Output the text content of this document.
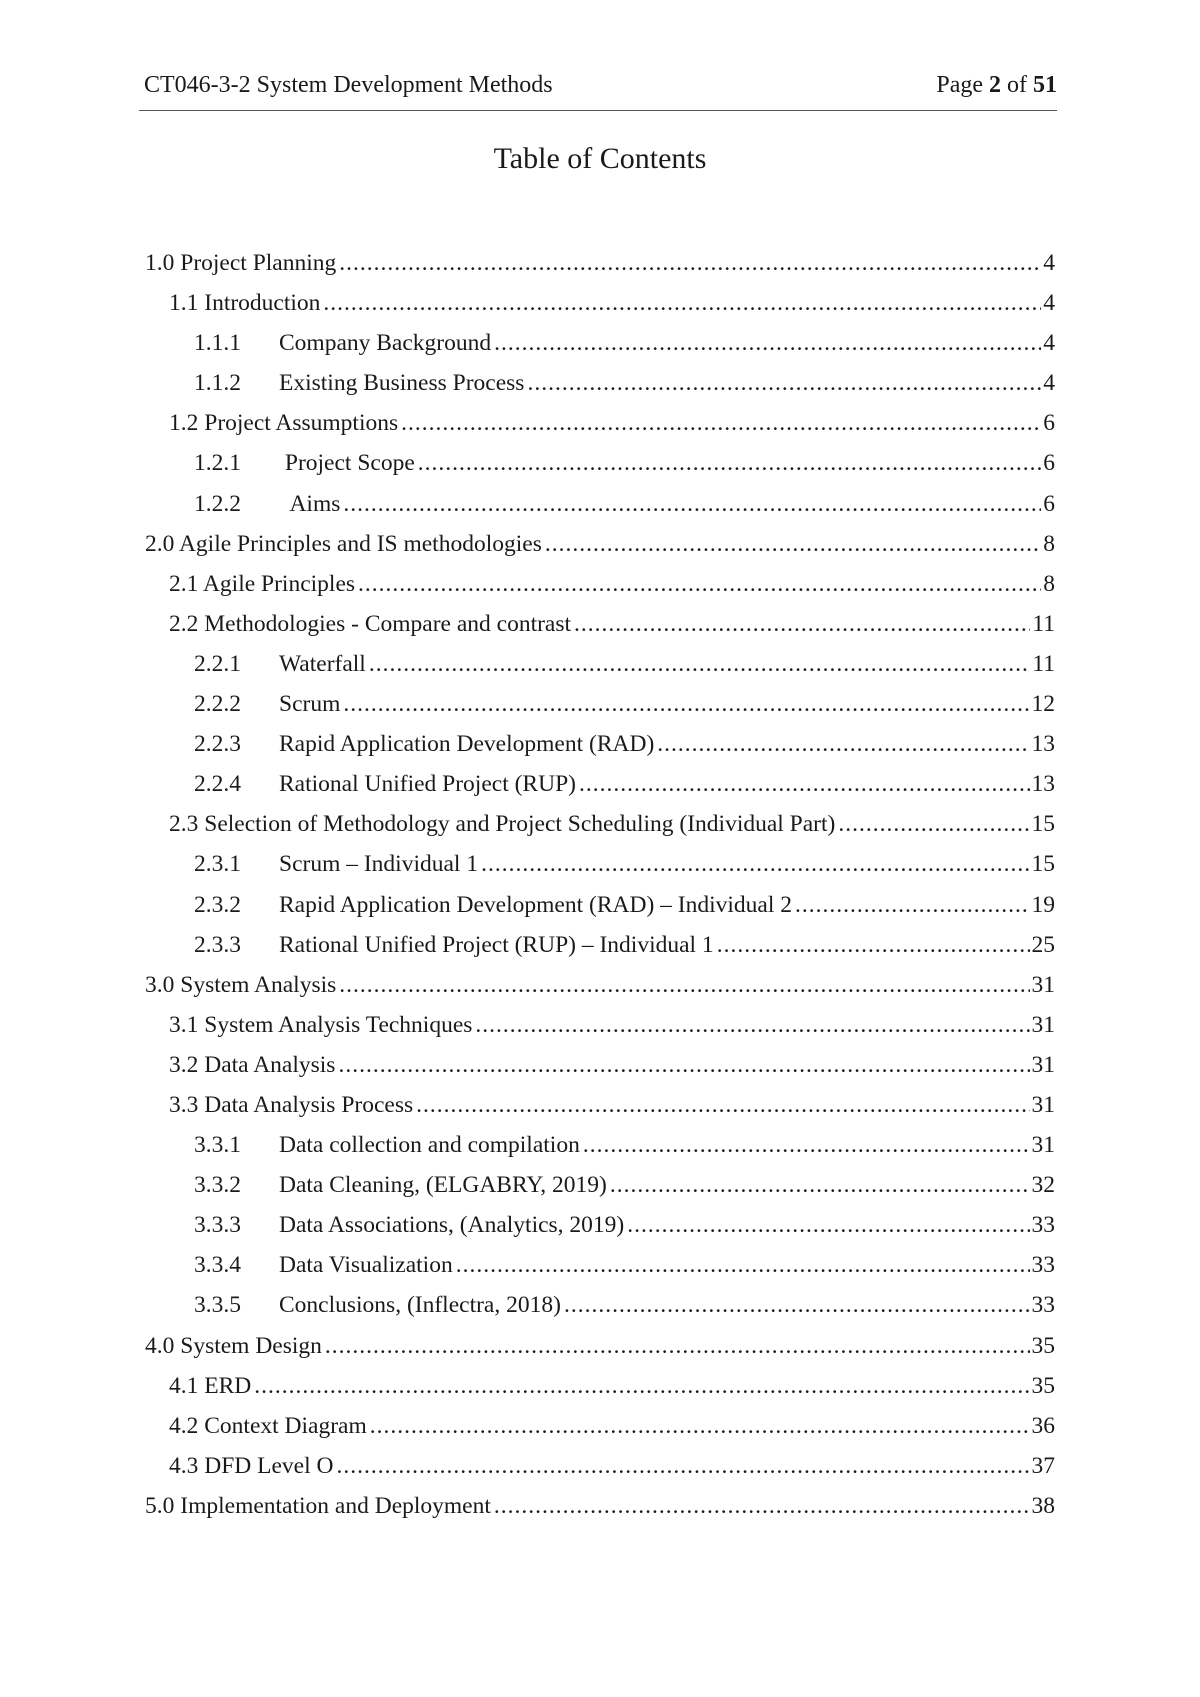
CT046-3-2 System Development Methods	Page 2 of 51
Table of Contents
1.0 Project Planning .....	4
1.1 Introduction .....	4
1.1.1	Company Background .....	4
1.1.2	Existing Business Process .....	4
1.2 Project Assumptions .....	6
1.2.1	Project Scope .....	6
1.2.2	Aims .....	6
2.0 Agile Principles and IS methodologies .....	8
2.1 Agile Principles .....	8
2.2 Methodologies - Compare and contrast .....	11
2.2.1	Waterfall .....	11
2.2.2	Scrum .....	12
2.2.3	Rapid Application Development (RAD) .....	13
2.2.4	Rational Unified Project (RUP) .....	13
2.3 Selection of Methodology and Project Scheduling (Individual Part) .....	15
2.3.1	Scrum – Individual 1 .....	15
2.3.2	Rapid Application Development (RAD) – Individual 2 .....	19
2.3.3	Rational Unified Project (RUP) – Individual 1 .....	25
3.0 System Analysis .....	31
3.1 System Analysis Techniques .....	31
3.2 Data Analysis .....	31
3.3 Data Analysis Process .....	31
3.3.1	Data collection and compilation .....	31
3.3.2	Data Cleaning, (ELGABRY, 2019) .....	32
3.3.3	Data Associations, (Analytics, 2019) .....	33
3.3.4	Data Visualization .....	33
3.3.5	Conclusions, (Inflectra, 2018) .....	33
4.0 System Design .....	35
4.1 ERD .....	35
4.2 Context Diagram .....	36
4.3 DFD Level O .....	37
5.0 Implementation and Deployment .....	38
